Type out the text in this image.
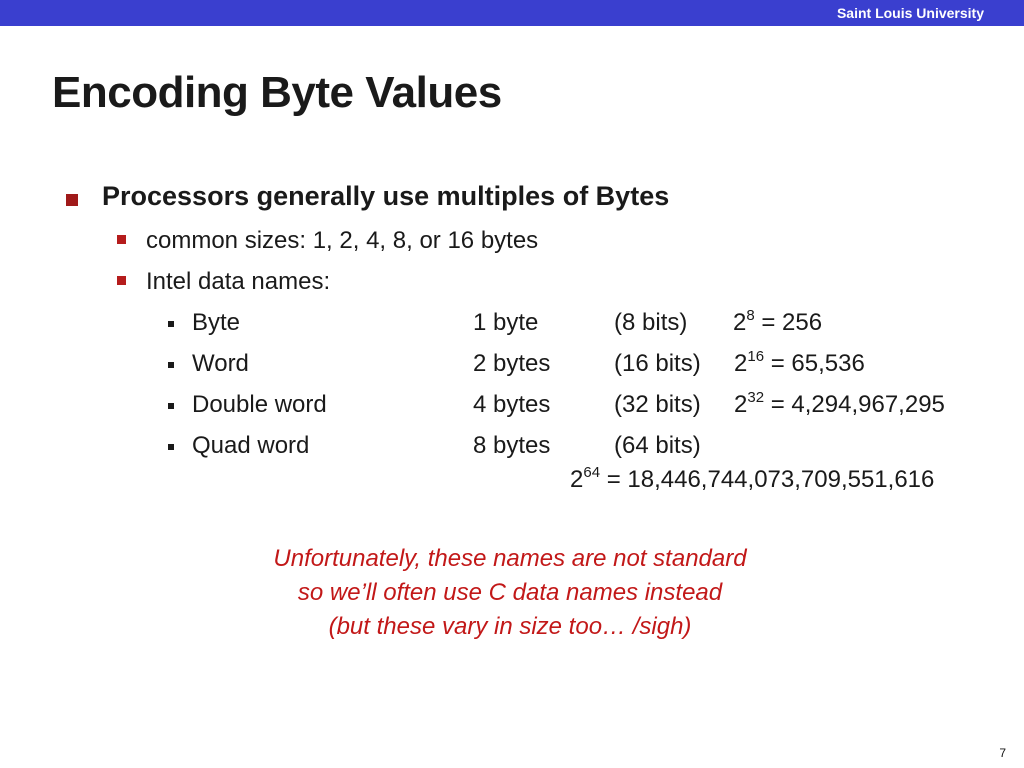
Saint Louis University
Encoding Byte Values
Processors generally use multiples of Bytes
common sizes: 1, 2, 4, 8, or 16 bytes
Intel data names:
Byte	1 byte	(8 bits) $2^8 = 256$
Word	2 bytes	(16 bits) $2^{16} = 65,536$
Double word	4 bytes	(32 bits) $2^{32} = 4,294,967,295$
Quad word	8 bytes	(64 bits)
$2^{64} = 18,446,744,073,709,551,616$
Unfortunately, these names are not standard
so we’ll often use C data names instead
(but these vary in size too… /sigh)
7
